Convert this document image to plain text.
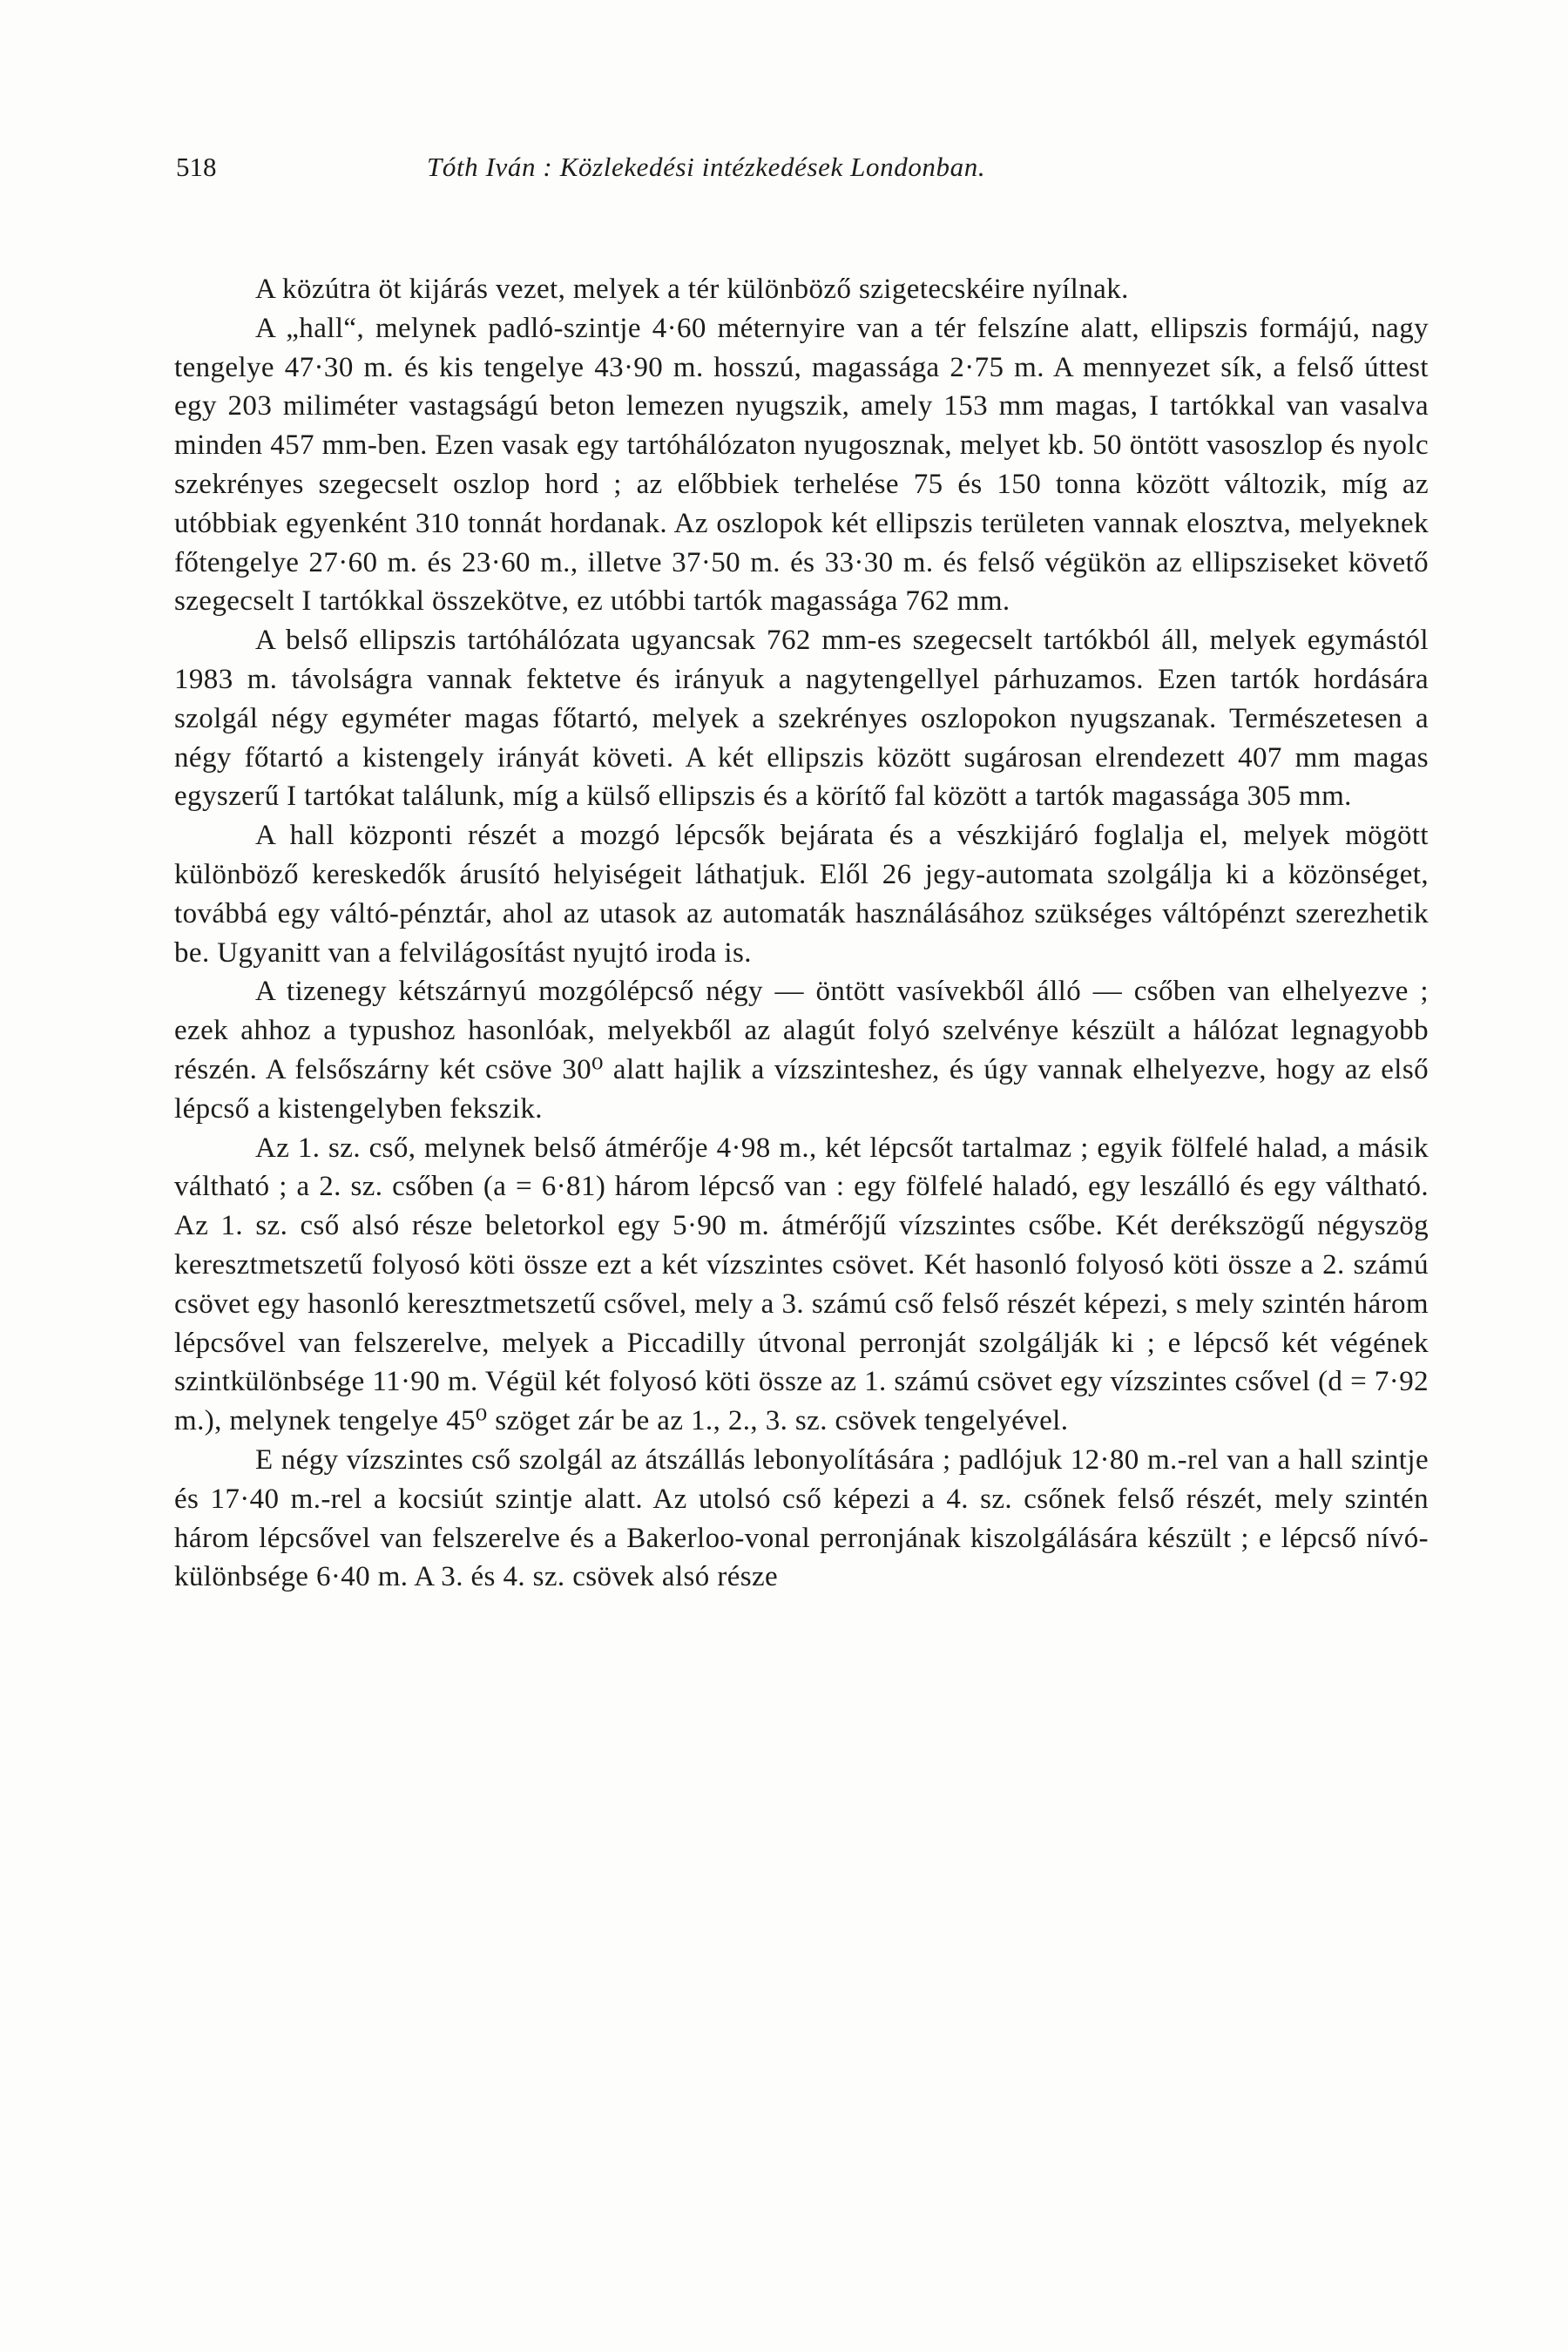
518	Tóth Iván : Közlekedési intézkedések Londonban.

A közútra öt kijárás vezet, melyek a tér különböző szigetecskéire nyílnak.

A „hall“, melynek padló-szintje 4·60 méternyire van a tér felszíne alatt, ellipszis formájú, nagy tengelye 47·30 m. és kis tengelye 43·90 m. hosszú, magassága 2·75 m. A mennyezet sík, a felső úttest egy 203 miliméter vastagságú beton lemezen nyugszik, amely 153 mm magas, I tartókkal van vasalva minden 457 mm-ben. Ezen vasak egy tartóhálózaton nyugosznak, melyet kb. 50 öntött vasoszlop és nyolc szekrényes szegecselt oszlop hord ; az előbbiek terhelése 75 és 150 tonna között változik, míg az utóbbiak egyenként 310 tonnát hordanak. Az oszlopok két ellipszis területen vannak elosztva, melyeknek főtengelye 27·60 m. és 23·60 m., illetve 37·50 m. és 33·30 m. és felső végükön az ellipsziseket követő szegecselt I tartókkal összekötve, ez utóbbi tartók magassága 762 mm.

A belső ellipszis tartóhálózata ugyancsak 762 mm-es szegecselt tartókból áll, melyek egymástól 1983 m. távolságra vannak fektetve és irányuk a nagytengellyel párhuzamos. Ezen tartók hordására szolgál négy egyméter magas főtartó, melyek a szekrényes oszlopokon nyugszanak. Természetesen a négy főtartó a kistengely irányát követi. A két ellipszis között sugárosan elrendezett 407 mm magas egyszerű I tartókat találunk, míg a külső ellipszis és a körítő fal között a tartók magassága 305 mm.

A hall központi részét a mozgó lépcsők bejárata és a vészkijáró foglalja el, melyek mögött különböző kereskedők árusító helyiségeit láthatjuk. Elől 26 jegy-automata szolgálja ki a közönséget, továbbá egy váltó-pénztár, ahol az utasok az automaták használásához szükséges váltópénzt szerezhetik be. Ugyanitt van a felvilágosítást nyujtó iroda is.

A tizenegy kétszárnyú mozgólépcső négy — öntött vasívekből álló — csőben van elhelyezve ; ezek ahhoz a typushoz hasonlóak, melyekből az alagút folyó szelvénye készült a hálózat legnagyobb részén. A felsőszárny két csöve 30⁰ alatt hajlik a vízszinteshez, és úgy vannak elhelyezve, hogy az első lépcső a kistengelyben fekszik.

Az 1. sz. cső, melynek belső átmérője 4·98 m., két lépcsőt tartalmaz ; egyik fölfelé halad, a másik váltható ; a 2. sz. csőben (a = 6·81) három lépcső van : egy fölfelé haladó, egy leszálló és egy váltható. Az 1. sz. cső alsó része beletorkol egy 5·90 m. átmérőjű vízszintes csőbe. Két derékszögű négyszög keresztmetszetű folyosó köti össze ezt a két vízszintes csövet. Két hasonló folyosó köti össze a 2. számú csövet egy hasonló keresztmetszetű csővel, mely a 3. számú cső felső részét képezi, s mely szintén három lépcsővel van felszerelve, melyek a Piccadilly útvonal perronját szolgálják ki ; e lépcső két végének szintkülönbsége 11·90 m. Végül két folyosó köti össze az 1. számú csövet egy vízszintes csővel (d = 7·92 m.), melynek tengelye 45⁰ szöget zár be az 1., 2., 3. sz. csövek tengelyével.

E négy vízszintes cső szolgál az átszállás lebonyolítására ; padlójuk 12·80 m.-rel van a hall szintje és 17·40 m.-rel a kocsiút szintje alatt. Az utolsó cső képezi a 4. sz. csőnek felső részét, mely szintén három lépcsővel van felszerelve és a Bakerloo-vonal perronjának kiszolgálására készült ; e lépcső nívó-különbsége 6·40 m. A 3. és 4. sz. csövek alsó része
